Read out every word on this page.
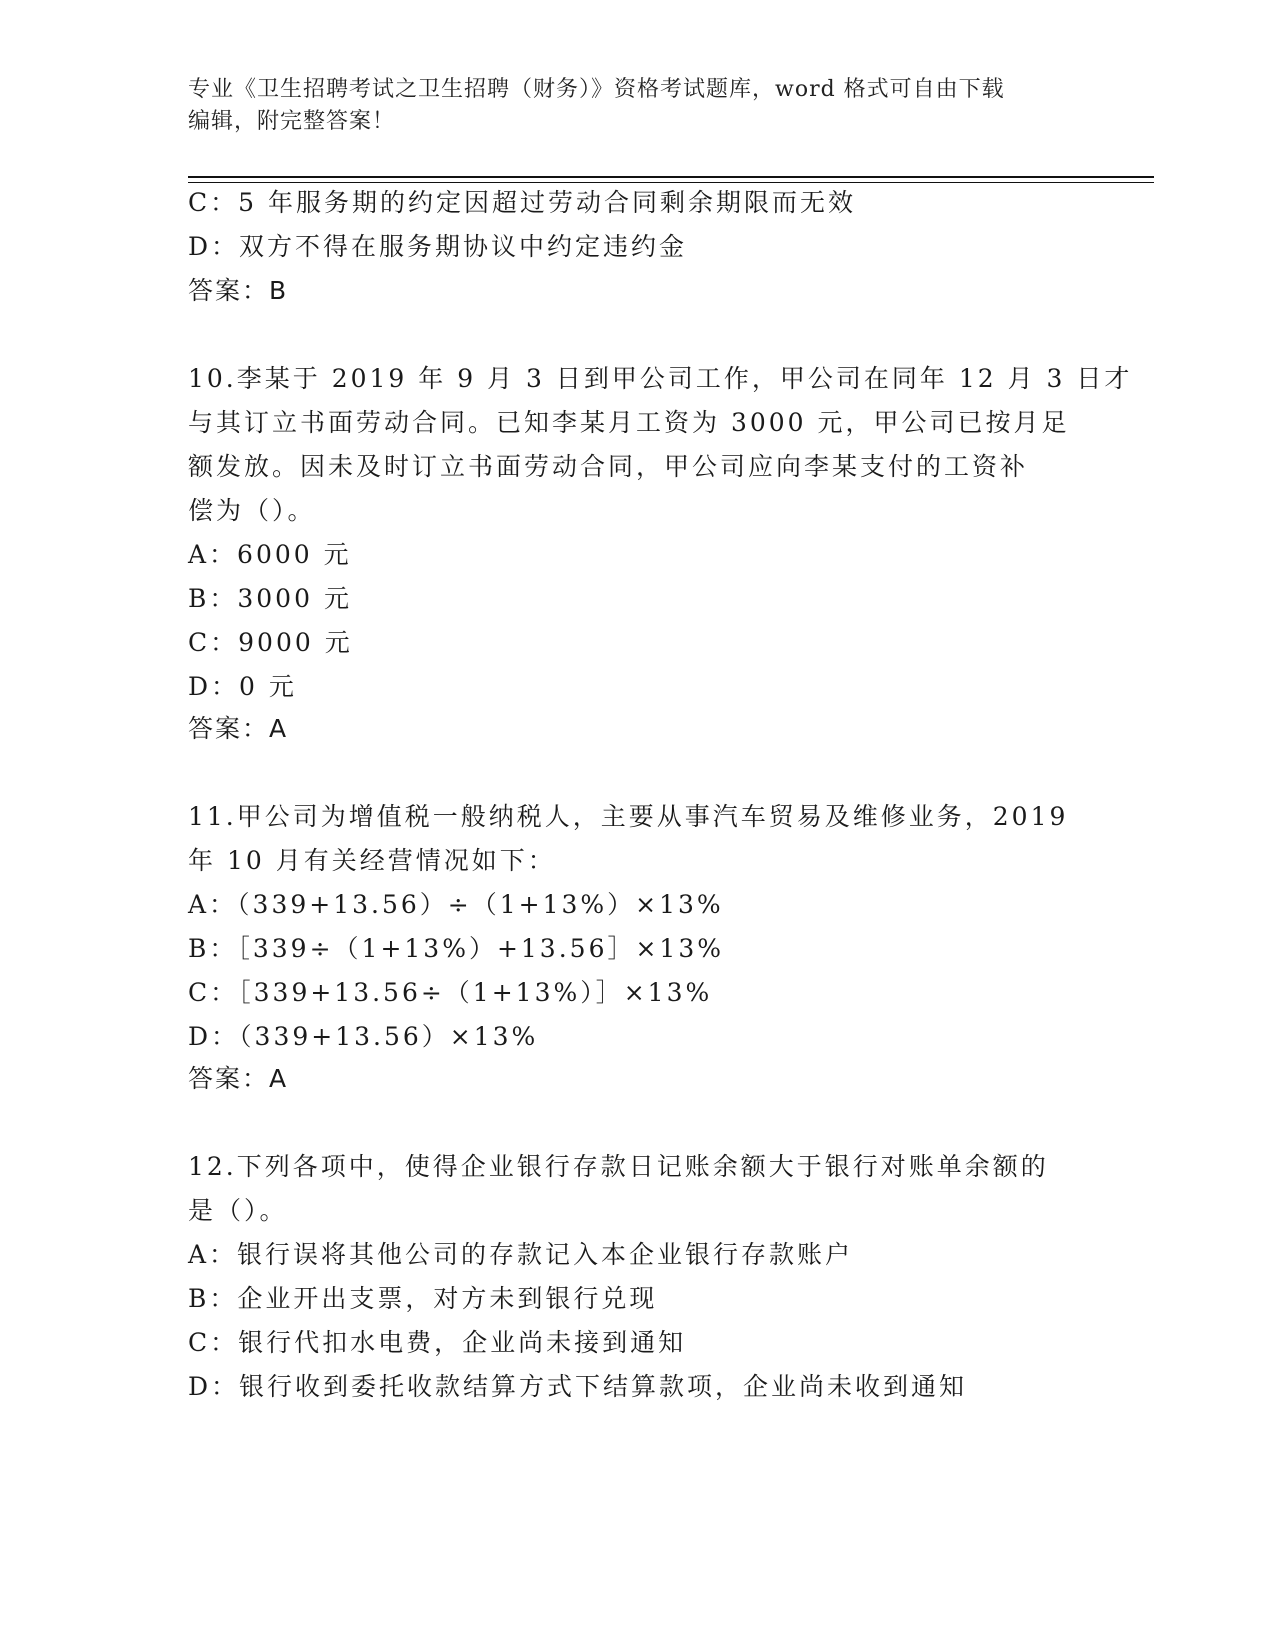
专业《卫生招聘考试之卫生招聘（财务）》资格考试题库，word 格式可自由下载
编辑，附完整答案！
C：5 年服务期的约定因超过劳动合同剩余期限而无效
D：双方不得在服务期协议中约定违约金
答案：B
10.李某于 2019 年 9 月 3 日到甲公司工作，甲公司在同年 12 月 3 日才
与其订立书面劳动合同。已知李某月工资为 3000 元，甲公司已按月足
额发放。因未及时订立书面劳动合同，甲公司应向李某支付的工资补
偿为（）。
A：6000 元
B：3000 元
C：9000 元
D：0 元
答案：A
11.甲公司为增值税一般纳税人，主要从事汽车贸易及维修业务，2019
年 10 月有关经营情况如下：
A：（339+13.56）÷（1+13%）×13%
B：［339÷（1+13%）+13.56］×13%
C：［339+13.56÷（1+13%）］×13%
D：（339+13.56）×13%
答案：A
12.下列各项中，使得企业银行存款日记账余额大于银行对账单余额的
是（）。
A：银行误将其他公司的存款记入本企业银行存款账户
B：企业开出支票，对方未到银行兑现
C：银行代扣水电费，企业尚未接到通知
D：银行收到委托收款结算方式下结算款项，企业尚未收到通知
